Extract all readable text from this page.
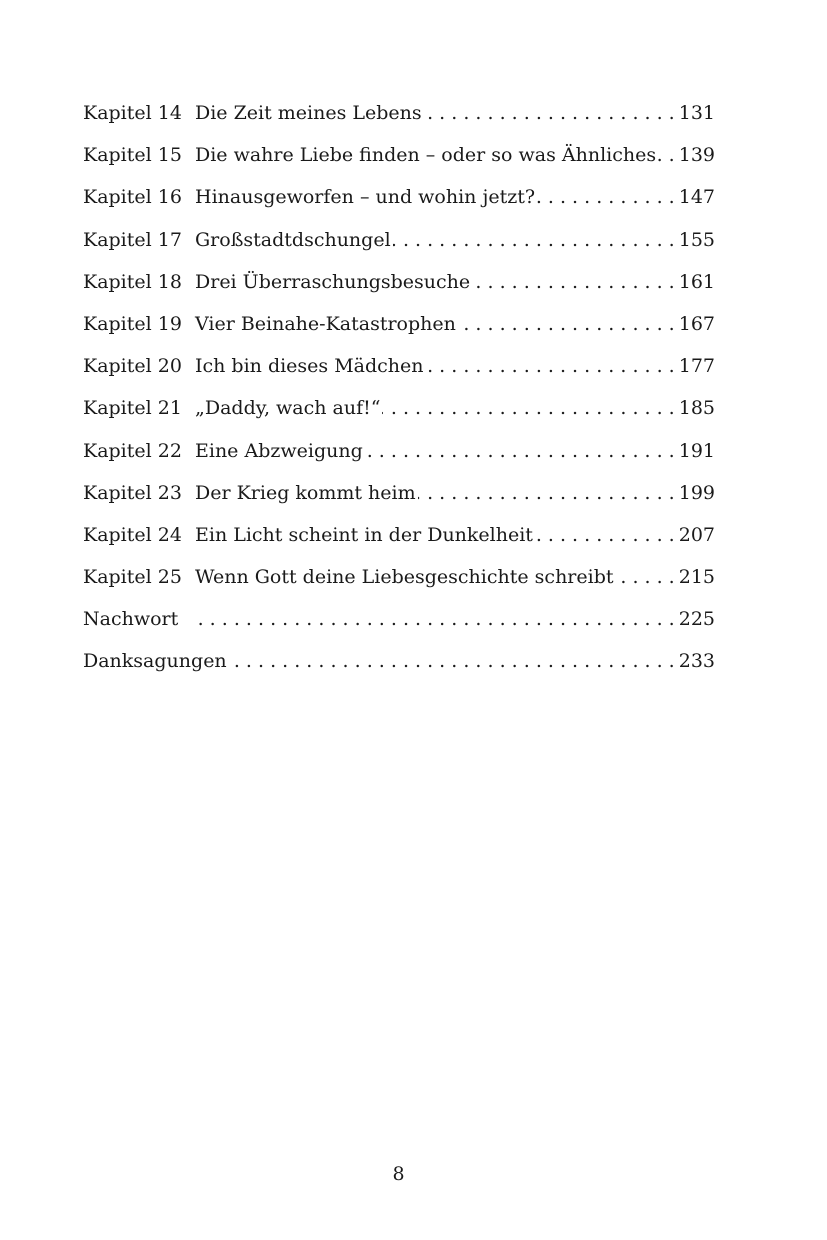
Kapitel 14 Die Zeit meines Lebens . . .	131
Kapitel 15 Die wahre Liebe finden – oder so was Ähnliches . . . 139
Kapitel 16 Hinausgeworfen – und wohin jetzt? . . .	147
Kapitel 17 Großstadtdschungel . . .	155
Kapitel 18 Drei Überraschungsbesuche . . .	161
Kapitel 19 Vier Beinahe-Katastrophen . . .	167
Kapitel 20 Ich bin dieses Mädchen . . .	177
Kapitel 21 „Daddy, wach auf!“ . . .	185
Kapitel 22 Eine Abzweigung . . .	191
Kapitel 23 Der Krieg kommt heim . . .	199
Kapitel 24 Ein Licht scheint in der Dunkelheit . . .	207
Kapitel 25 Wenn Gott deine Liebesgeschichte schreibt . . .	215
Nachwort . . .	225
Danksagungen . . .	233
8
